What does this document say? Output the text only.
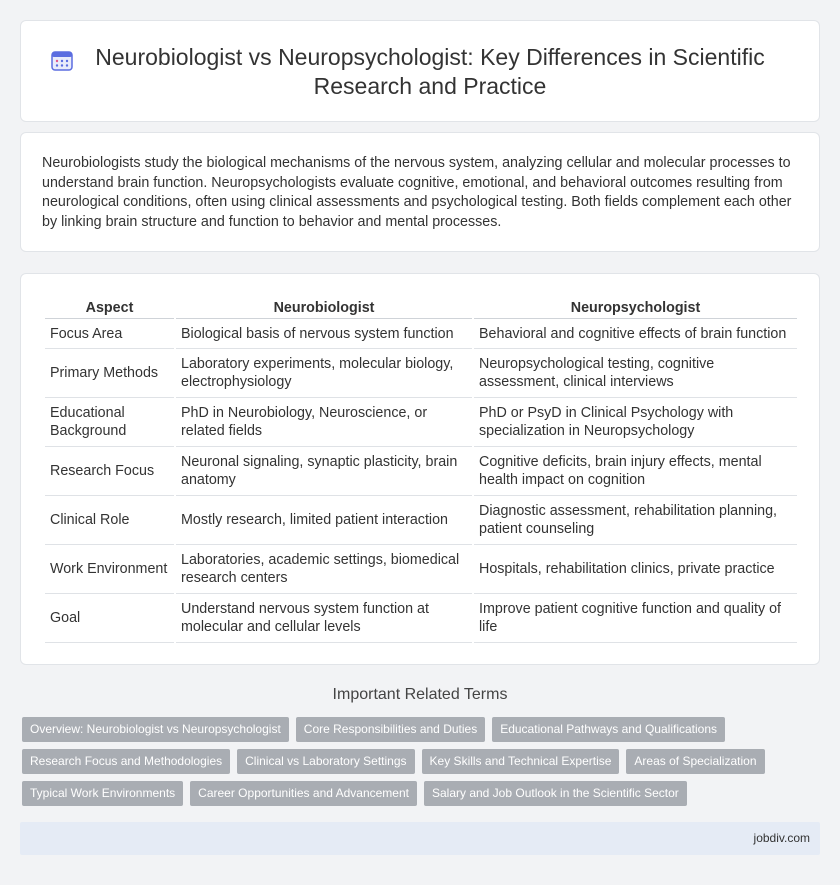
Neurobiologist vs Neuropsychologist: Key Differences in Scientific Research and Practice

Neurobiologists study the biological mechanisms of the nervous system, analyzing cellular and molecular processes to understand brain function. Neuropsychologists evaluate cognitive, emotional, and behavioral outcomes resulting from neurological conditions, often using clinical assessments and psychological testing. Both fields complement each other by linking brain structure and function to behavior and mental processes.

Aspect	Neurobiologist	Neuropsychologist
Focus Area	Biological basis of nervous system function	Behavioral and cognitive effects of brain function
Primary Methods	Laboratory experiments, molecular biology, electrophysiology	Neuropsychological testing, cognitive assessment, clinical interviews
Educational Background	PhD in Neurobiology, Neuroscience, or related fields	PhD or PsyD in Clinical Psychology with specialization in Neuropsychology
Research Focus	Neuronal signaling, synaptic plasticity, brain anatomy	Cognitive deficits, brain injury effects, mental health impact on cognition
Clinical Role	Mostly research, limited patient interaction	Diagnostic assessment, rehabilitation planning, patient counseling
Work Environment	Laboratories, academic settings, biomedical research centers	Hospitals, rehabilitation clinics, private practice
Goal	Understand nervous system function at molecular and cellular levels	Improve patient cognitive function and quality of life
Important Related Terms
Overview: Neurobiologist vs Neuropsychologist	Core Responsibilities and Duties	Educational Pathways and Qualifications
Research Focus and Methodologies	Clinical vs Laboratory Settings	Key Skills and Technical Expertise	Areas of Specialization
Typical Work Environments	Career Opportunities and Advancement	Salary and Job Outlook in the Scientific Sector
jobdiv.com
